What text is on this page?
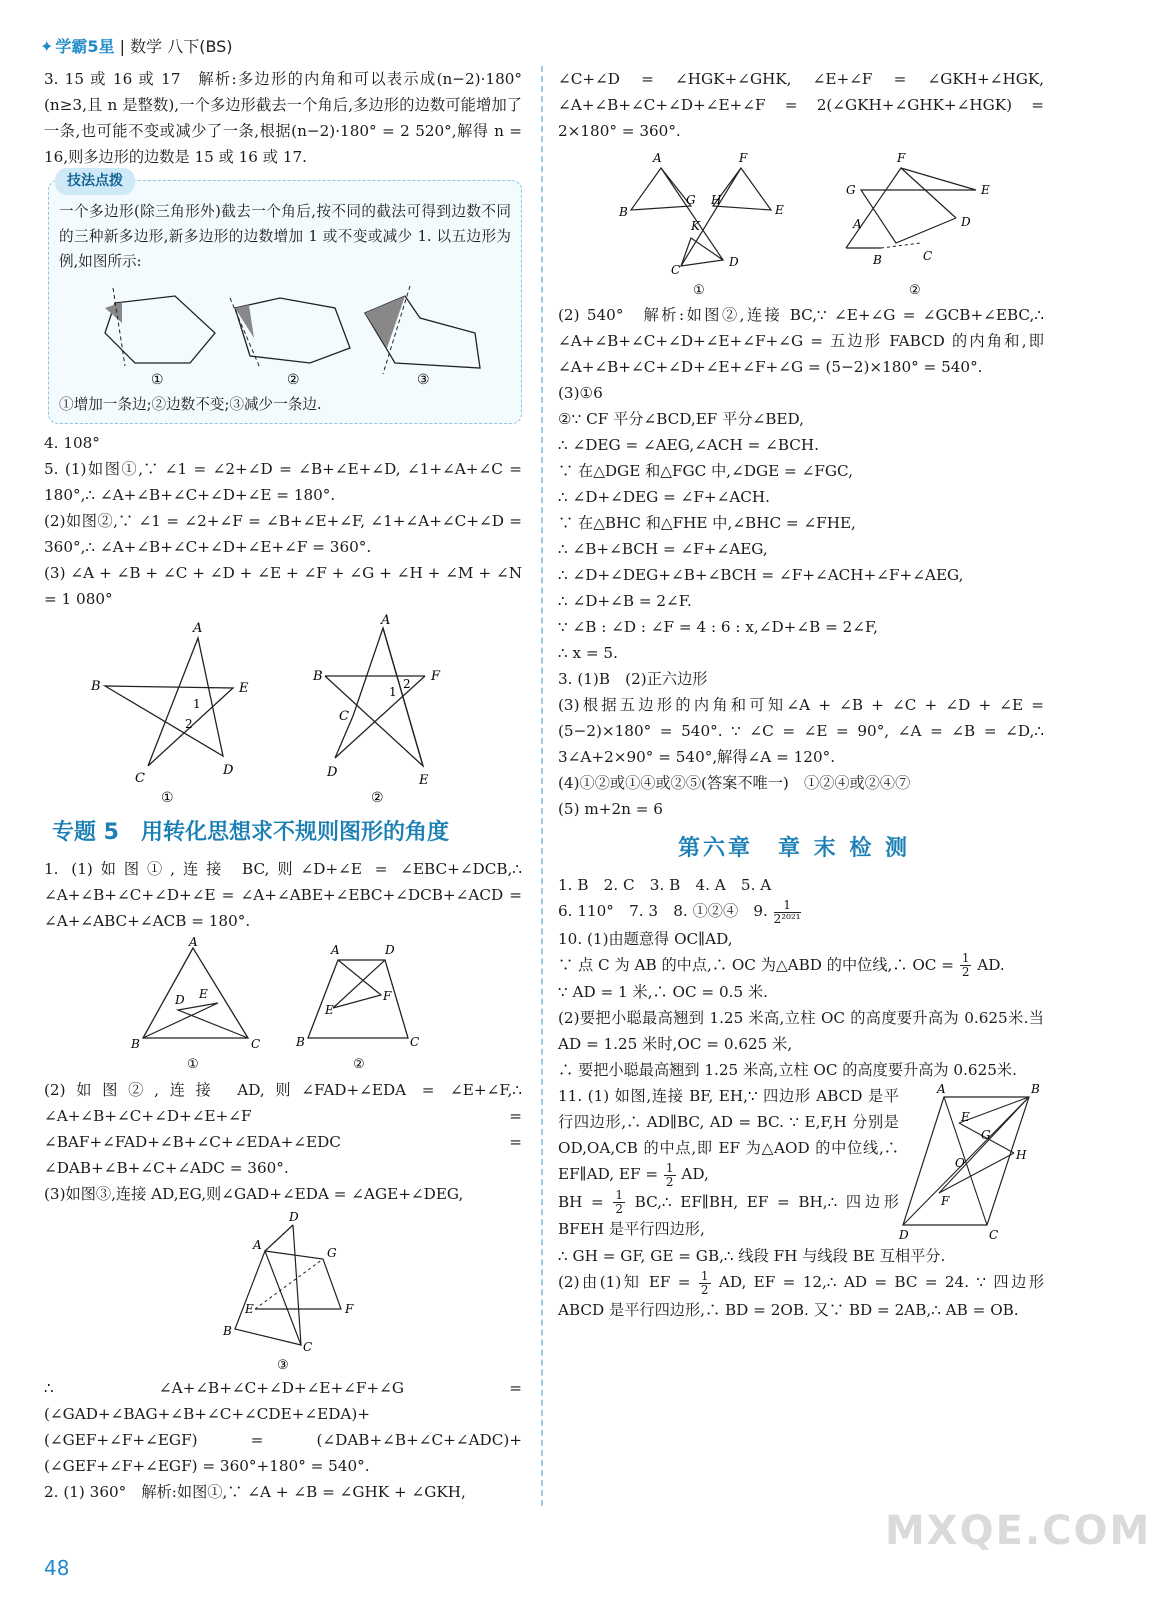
✦ 学霸5星 | 数学 八下(BS)

3. 15 或 16 或 17　解析:多边形的内角和可以表示成(n−2)·180°(n≥3,且 n 是整数),一个多边形截去一个角后,多边形的边数可能增加了一条,也可能不变或减少了一条,根据(n−2)·180° = 2 520°,解得 n = 16,则多边形的边数是 15 或 16 或 17.

技法点拨

一个多边形(除三角形外)截去一个角后,按不同的截法可得到边数不同的三种新多边形,新多边形的边数增加 1 或不变或减少 1. 以五边形为例,如图所示:

①	②	③

①增加一条边;②边数不变;③减少一条边.

4. 108°

5. (1)如图①,∵ ∠1 = ∠2+∠D = ∠B+∠E+∠D, ∠1+∠A+∠C = 180°,∴ ∠A+∠B+∠C+∠D+∠E = 180°.

(2)如图②,∵ ∠1 = ∠2+∠F = ∠B+∠E+∠F, ∠1+∠A+∠C+∠D = 360°,∴ ∠A+∠B+∠C+∠D+∠E+∠F = 360°.

(3) ∠A + ∠B + ∠C + ∠D + ∠E + ∠F + ∠G + ∠H + ∠M + ∠N = 1 080°

A
B	E
C
D
1
2
①
A
B	F
C
D
E
1
2
②
专题 5　用转化思想求不规则图形的角度

1. (1)如图①,连接 BC,则∠D+∠E = ∠EBC+∠DCB,∴ ∠A+∠B+∠C+∠D+∠E = ∠A+∠ABE+∠EBC+∠DCB+∠ACD = ∠A+∠ABC+∠ACB = 180°.

A
B	C
D E
①
A	D
B	C
E
F
②

(2)如图②,连接 AD,则∠FAD+∠EDA = ∠E+∠F,∴ ∠A+∠B+∠C+∠D+∠E+∠F = ∠BAF+∠FAD+∠B+∠C+∠EDA+∠EDC = ∠DAB+∠B+∠C+∠ADC = 360°.

(3)如图③,连接 AD,EG,则∠GAD+∠EDA = ∠AGE+∠DEG,

D
A
G
E	F
B
C
③

∴ ∠A+∠B+∠C+∠D+∠E+∠F+∠G = (∠GAD+∠BAG+∠B+∠C+∠CDE+∠EDA)+(∠GEF+∠F+∠EGF) = (∠DAB+∠B+∠C+∠ADC)+(∠GEF+∠F+∠EGF) = 360°+180° = 540°.

2. (1) 360°　解析:如图①,∵ ∠A + ∠B = ∠GHK + ∠GKH,

∠C+∠D = ∠HGK+∠GHK, ∠E+∠F = ∠GKH+∠HGK, ∠A+∠B+∠C+∠D+∠E+∠F = 2(∠GKH+∠GHK+∠HGK) = 2×180° = 360°.

A
B
F
E
G H
K
C
D
①
F
G	E
A	D
B	C
②

(2) 540°　解析:如图②,连接 BC,∵ ∠E+∠G = ∠GCB+∠EBC,∴ ∠A+∠B+∠C+∠D+∠E+∠F+∠G = 五边形 FABCD 的内角和,即∠A+∠B+∠C+∠D+∠E+∠F+∠G = (5−2)×180° = 540°.

(3)①6

②∵ CF 平分∠BCD,EF 平分∠BED,

∴ ∠DEG = ∠AEG,∠ACH = ∠BCH.

∵ 在△DGE 和△FGC 中,∠DGE = ∠FGC,

∴ ∠D+∠DEG = ∠F+∠ACH.

∵ 在△BHC 和△FHE 中,∠BHC = ∠FHE,

∴ ∠B+∠BCH = ∠F+∠AEG,

∴ ∠D+∠DEG+∠B+∠BCH = ∠F+∠ACH+∠F+∠AEG,

∴ ∠D+∠B = 2∠F.

∵ ∠B : ∠D : ∠F = 4 : 6 : x,∠D+∠B = 2∠F,

∴ x = 5.

3. (1)B　(2)正六边形

(3)根据五边形的内角和可知∠A + ∠B + ∠C + ∠D + ∠E = (5−2)×180° = 540°. ∵ ∠C = ∠E = 90°, ∠A = ∠B = ∠D,∴ 3∠A+2×90° = 540°,解得∠A = 120°.

(4)①②或①④或②⑤(答案不唯一)　①②④或②④⑦

(5) m+2n = 6

第六章　章 末 检 测

1. B　2. C　3. B　4. A　5. A

6. 110°　7. 3　8. ①②④　9. $\frac{1}{\text{2²⁰²¹}}$

10. (1)由题意得 OC∥AD,

∵ 点 C 为 AB 的中点,∴ OC 为△ABD 的中位线,∴ OC = $\frac{1}{2}$ AD.

∵ AD = 1 米,∴ OC = 0.5 米.

(2)要把小聪最高翘到 1.25 米高,立柱 OC 的高度要升高为 0.625米.当 AD = 1.25 米时,OC = 0.625 米,

∴ 要把小聪最高翘到 1.25 米高,立柱 OC 的高度要升高为 0.625米.

11. (1) 如图,连接 BF, EH,∵ 四边形 ABCD 是平行四边形,∴ AD∥BC, AD = BC. ∵ E,F,H 分别是 OD,OA,CB 的中点,即 EF 为△AOD 的中位线,∴ EF∥AD, EF = $\frac{1}{2}$ AD,

BH = $\frac{1}{2}$ BC,∴ EF∥BH, EF = BH,∴ 四边形 BFEH 是平行四边形,

A	B
C
D
E
F
G
H
O

∴ GH = GF, GE = GB,∴ 线段 FH 与线段 BE 互相平分.

(2)由(1)知 EF = $\frac{1}{2}$ AD, EF = 12,∴ AD = BC = 24. ∵ 四边形 ABCD 是平行四边形,∴ BD = 2OB. 又∵ BD = 2AB,∴ AB = OB.

48
MXQE.COM
